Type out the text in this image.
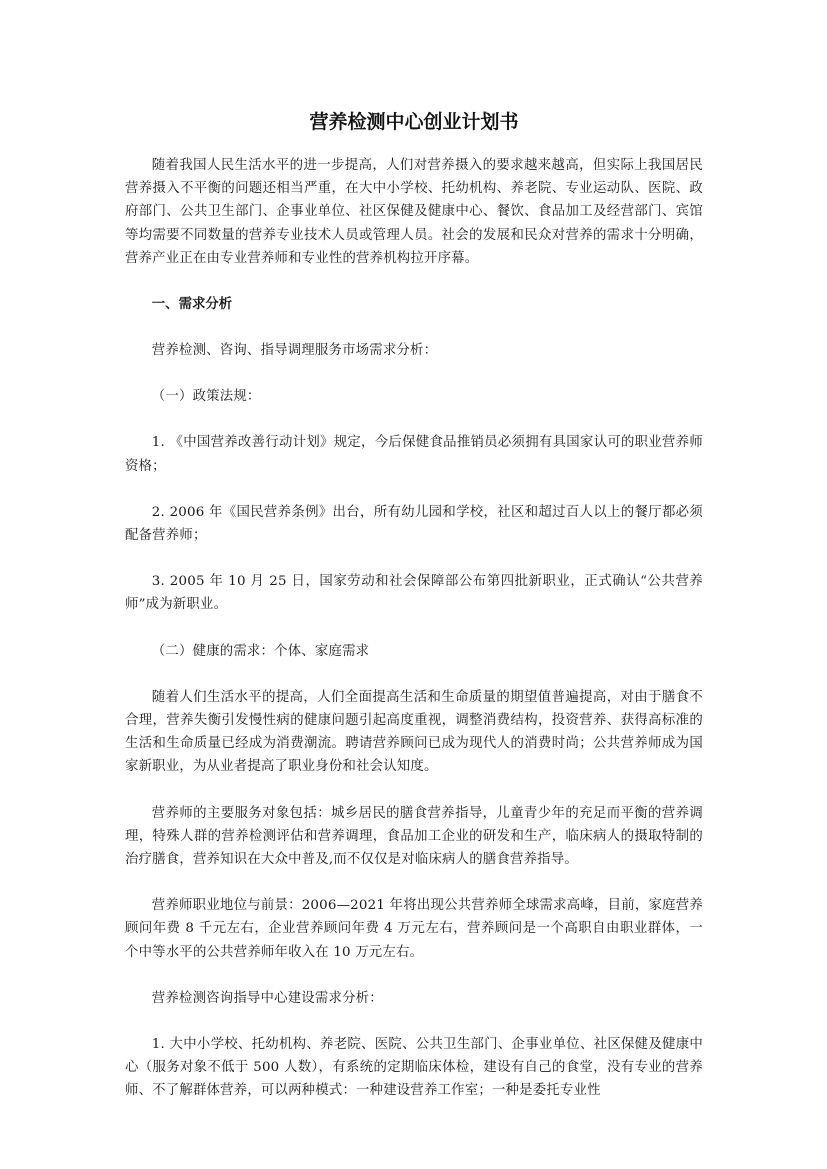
营养检测中心创业计划书

随着我国人民生活水平的进一步提高，人们对营养摄入的要求越来越高，但实际上我国居民营养摄入不平衡的问题还相当严重，在大中小学校、托幼机构、养老院、专业运动队、医院、政府部门、公共卫生部门、企事业单位、社区保健及健康中心、餐饮、食品加工及经营部门、宾馆等均需要不同数量的营养专业技术人员或管理人员。社会的发展和民众对营养的需求十分明确，营养产业正在由专业营养师和专业性的营养机构拉开序幕。

一、需求分析

营养检测、咨询、指导调理服务市场需求分析：

（一）政策法规：

1. 《中国营养改善行动计划》规定，今后保健食品推销员必须拥有具国家认可的职业营养师资格；

2. 2006 年《国民营养条例》出台，所有幼儿园和学校，社区和超过百人以上的餐厅都必须配备营养师；

3. 2005 年 10 月 25 日，国家劳动和社会保障部公布第四批新职业，正式确认“公共营养师”成为新职业。

（二）健康的需求：个体、家庭需求

随着人们生活水平的提高，人们全面提高生活和生命质量的期望值普遍提高，对由于膳食不合理，营养失衡引发慢性病的健康问题引起高度重视，调整消费结构，投资营养、获得高标准的生活和生命质量已经成为消费潮流。聘请营养顾问已成为现代人的消费时尚；公共营养师成为国家新职业，为从业者提高了职业身份和社会认知度。

营养师的主要服务对象包括：城乡居民的膳食营养指导，儿童青少年的充足而平衡的营养调理，特殊人群的营养检测评估和营养调理，食品加工企业的研发和生产，临床病人的摄取特制的治疗膳食，营养知识在大众中普及,而不仅仅是对临床病人的膳食营养指导。

营养师职业地位与前景：2006—2021 年将出现公共营养师全球需求高峰，目前，家庭营养顾问年费 8 千元左右，企业营养顾问年费 4 万元左右，营养顾问是一个高职自由职业群体，一个中等水平的公共营养师年收入在 10 万元左右。

营养检测咨询指导中心建设需求分析：

1. 大中小学校、托幼机构、养老院、医院、公共卫生部门、企事业单位、社区保健及健康中心（服务对象不低于 500 人数），有系统的定期临床体检，建设有自己的食堂，没有专业的营养师、不了解群体营养，可以两种模式：一种建设营养工作室；一种是委托专业性
